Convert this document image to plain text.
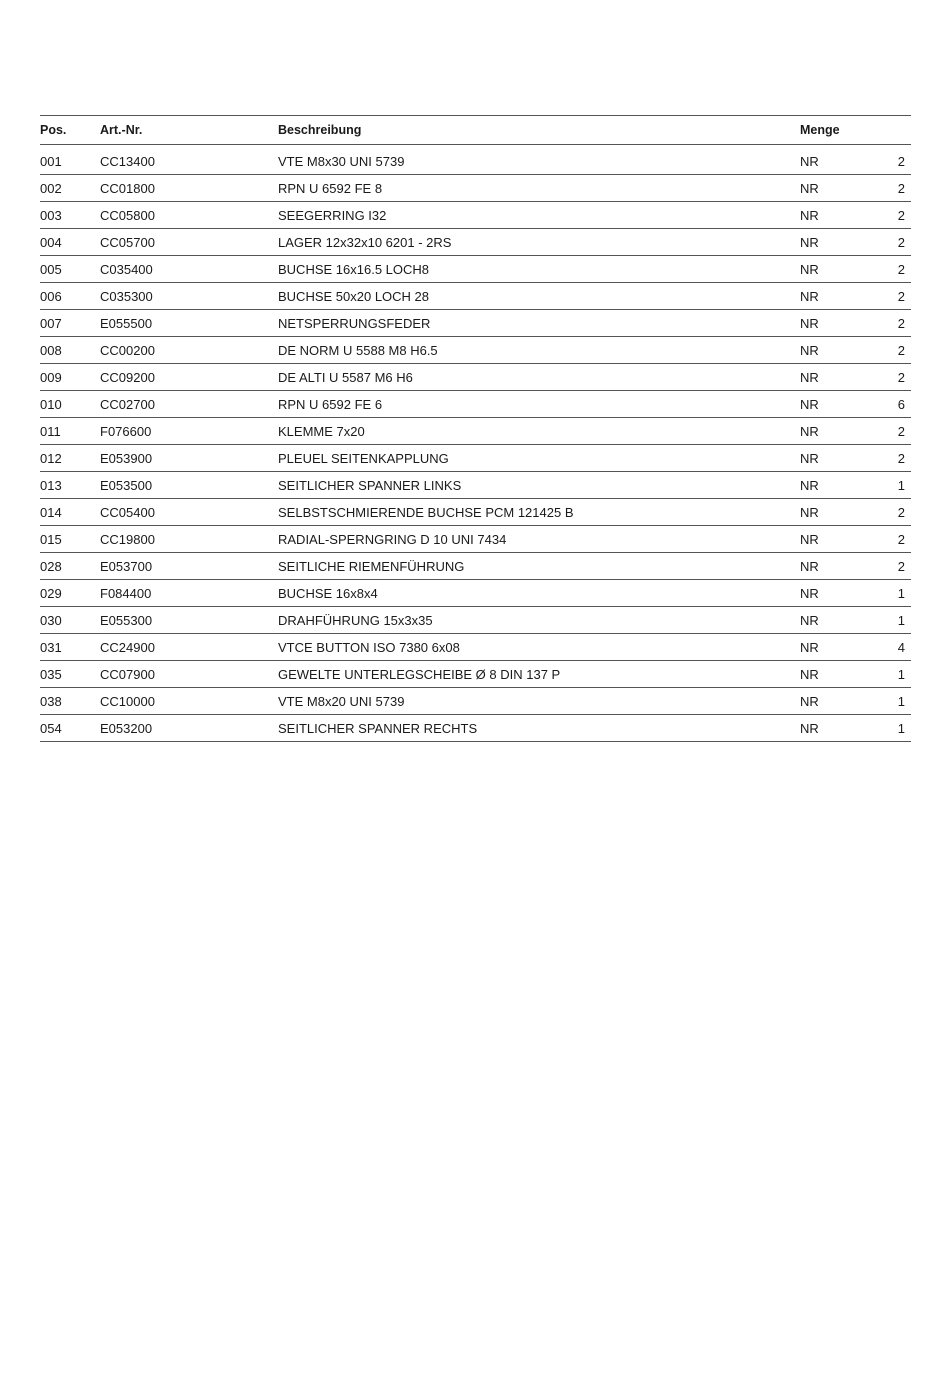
Pos.	Art.-Nr.	Beschreibung	Menge	
001	CC13400	VTE M8x30 UNI 5739	NR	2
002	CC01800	RPN U 6592 FE 8	NR	2
003	CC05800	SEEGERRING I32	NR	2
004	CC05700	LAGER 12x32x10 6201 - 2RS	NR	2
005	C035400	BUCHSE 16x16.5 LOCH8	NR	2
006	C035300	BUCHSE 50x20 LOCH 28	NR	2
007	E055500	NETSPERRUNGSFEDER	NR	2
008	CC00200	DE NORM U 5588 M8 H6.5	NR	2
009	CC09200	DE ALTI U 5587 M6 H6	NR	2
010	CC02700	RPN U 6592 FE 6	NR	6
011	F076600	KLEMME 7x20	NR	2
012	E053900	PLEUEL SEITENKAPPLUNG	NR	2
013	E053500	SEITLICHER SPANNER LINKS	NR	1
014	CC05400	SELBSTSCHMIERENDE BUCHSE PCM 121425 B	NR	2
015	CC19800	RADIAL-SPERNGRING D 10 UNI 7434	NR	2
028	E053700	SEITLICHE RIEMENFÜHRUNG	NR	2
029	F084400	BUCHSE 16x8x4	NR	1
030	E055300	DRAHFÜHRUNG 15x3x35	NR	1
031	CC24900	VTCE BUTTON ISO 7380 6x08	NR	4
035	CC07900	GEWELTE UNTERLEGSCHEIBE Ø 8 DIN 137 P	NR	1
038	CC10000	VTE M8x20 UNI 5739	NR	1
054	E053200	SEITLICHER SPANNER RECHTS	NR	1
